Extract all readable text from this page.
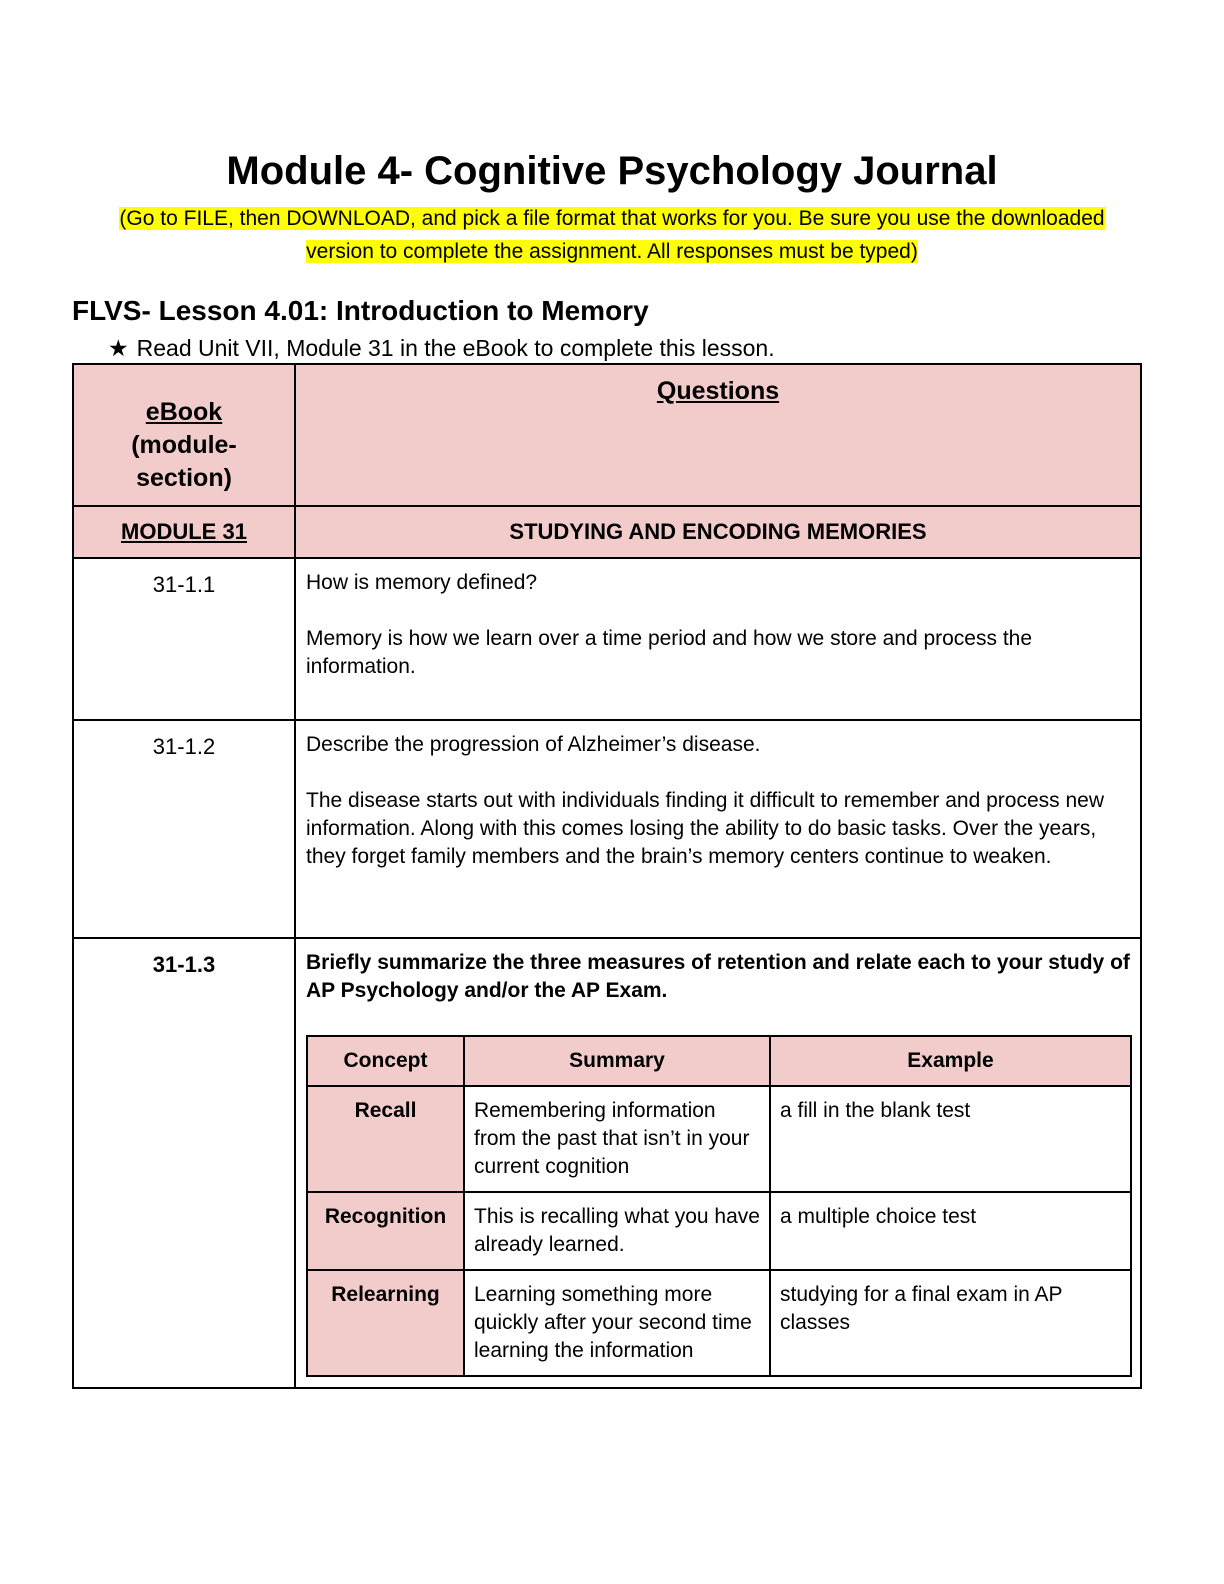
Module 4- Cognitive Psychology Journal
(Go to FILE, then DOWNLOAD, and pick a file format that works for you. Be sure you use the downloaded
version to complete the assignment. All responses must be typed)
FLVS- Lesson 4.01: Introduction to Memory
★ Read Unit VII, Module 31 in the eBook to complete this lesson.
eBook
(module-
section)	Questions
MODULE 31	STUDYING AND ENCODING MEMORIES
31-1.1	How is memory defined?

Memory is how we learn over a time period and how we store and process the information.

31-1.2	Describe the progression of Alzheimer’s disease.

The disease starts out with individuals finding it difficult to remember and process new information. Along with this comes losing the ability to do basic tasks. Over the years, they forget family members and the brain’s memory centers continue to weaken.

31-1.3	Briefly summarize the three measures of retention and relate each to your study of AP Psychology and/or the AP Exam.

Concept	Summary	Example
Recall	Remembering information from the past that isn’t in your current cognition	a fill in the blank test
Recognition	This is recalling what you have already learned.	a multiple choice test
Relearning	Learning something more quickly after your second time learning the information	studying for a final exam in AP classes
